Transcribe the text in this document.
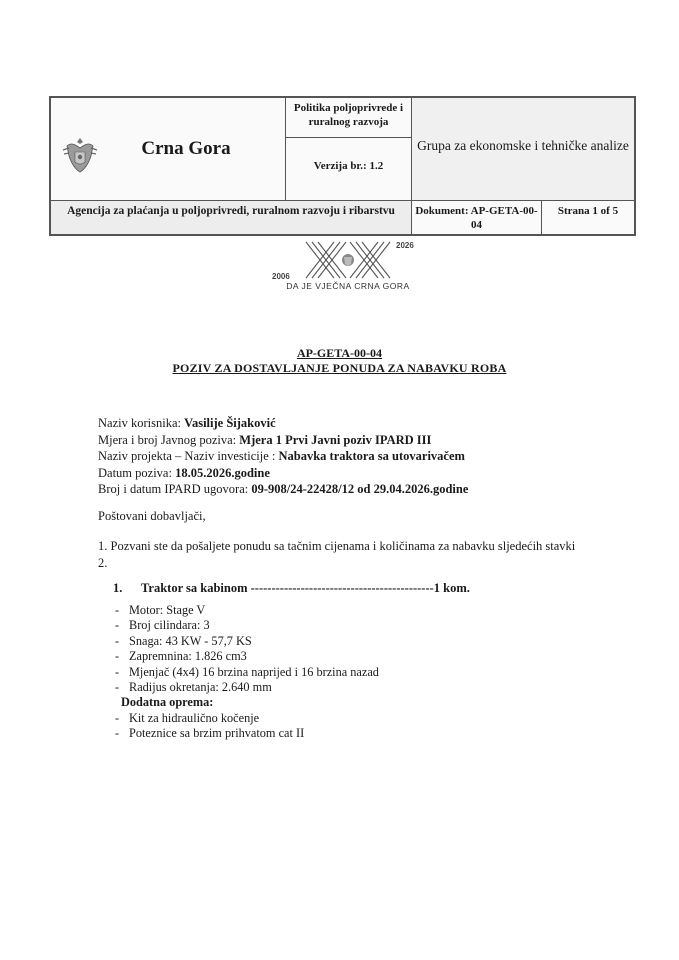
Crna Gora
Politika poljoprivrede i ruralnog razvoja
Verzija br.: 1.2
Grupa za ekonomske i tehničke analize
Agencija za plaćanja u poljoprivredi, ruralnom razvoju i ribarstvu	Dokument: AP-GETA-00-04
Strana 1 of 5
2006
2026
DA JE VJEČNA CRNA GORA
AP-GETA-00-04
POZIV ZA DOSTAVLJANJE PONUDA ZA NABAVKU ROBA
Naziv korisnika: Vasilije Šijaković
Mjera i broj Javnog poziva: Mjera 1 Prvi Javni poziv IPARD III
Naziv projekta – Naziv investicije : Nabavka traktora sa utovarivačem
Datum poziva: 18.05.2026.godine
Broj i datum IPARD ugovora: 09-908/24-22428/12 od 29.04.2026.godine
Poštovani dobavljači,
1. Pozvani ste da pošaljete ponudu sa tačnim cijenama i količinama za nabavku sljedećih stavki
2.
1. Traktor sa kabinom --------------------------------------------1 kom.
- Motor: Stage V
- Broj cilindara: 3
- Snaga: 43 KW - 57,7 KS
- Zapremnina: 1.826 cm3
- Mjenjač (4x4) 16 brzina naprijed i 16 brzina nazad
- Radijus okretanja: 2.640 mm
Dodatna oprema:
- Kit za hidraulično kočenje
- Poteznice sa brzim prihvatom cat II
